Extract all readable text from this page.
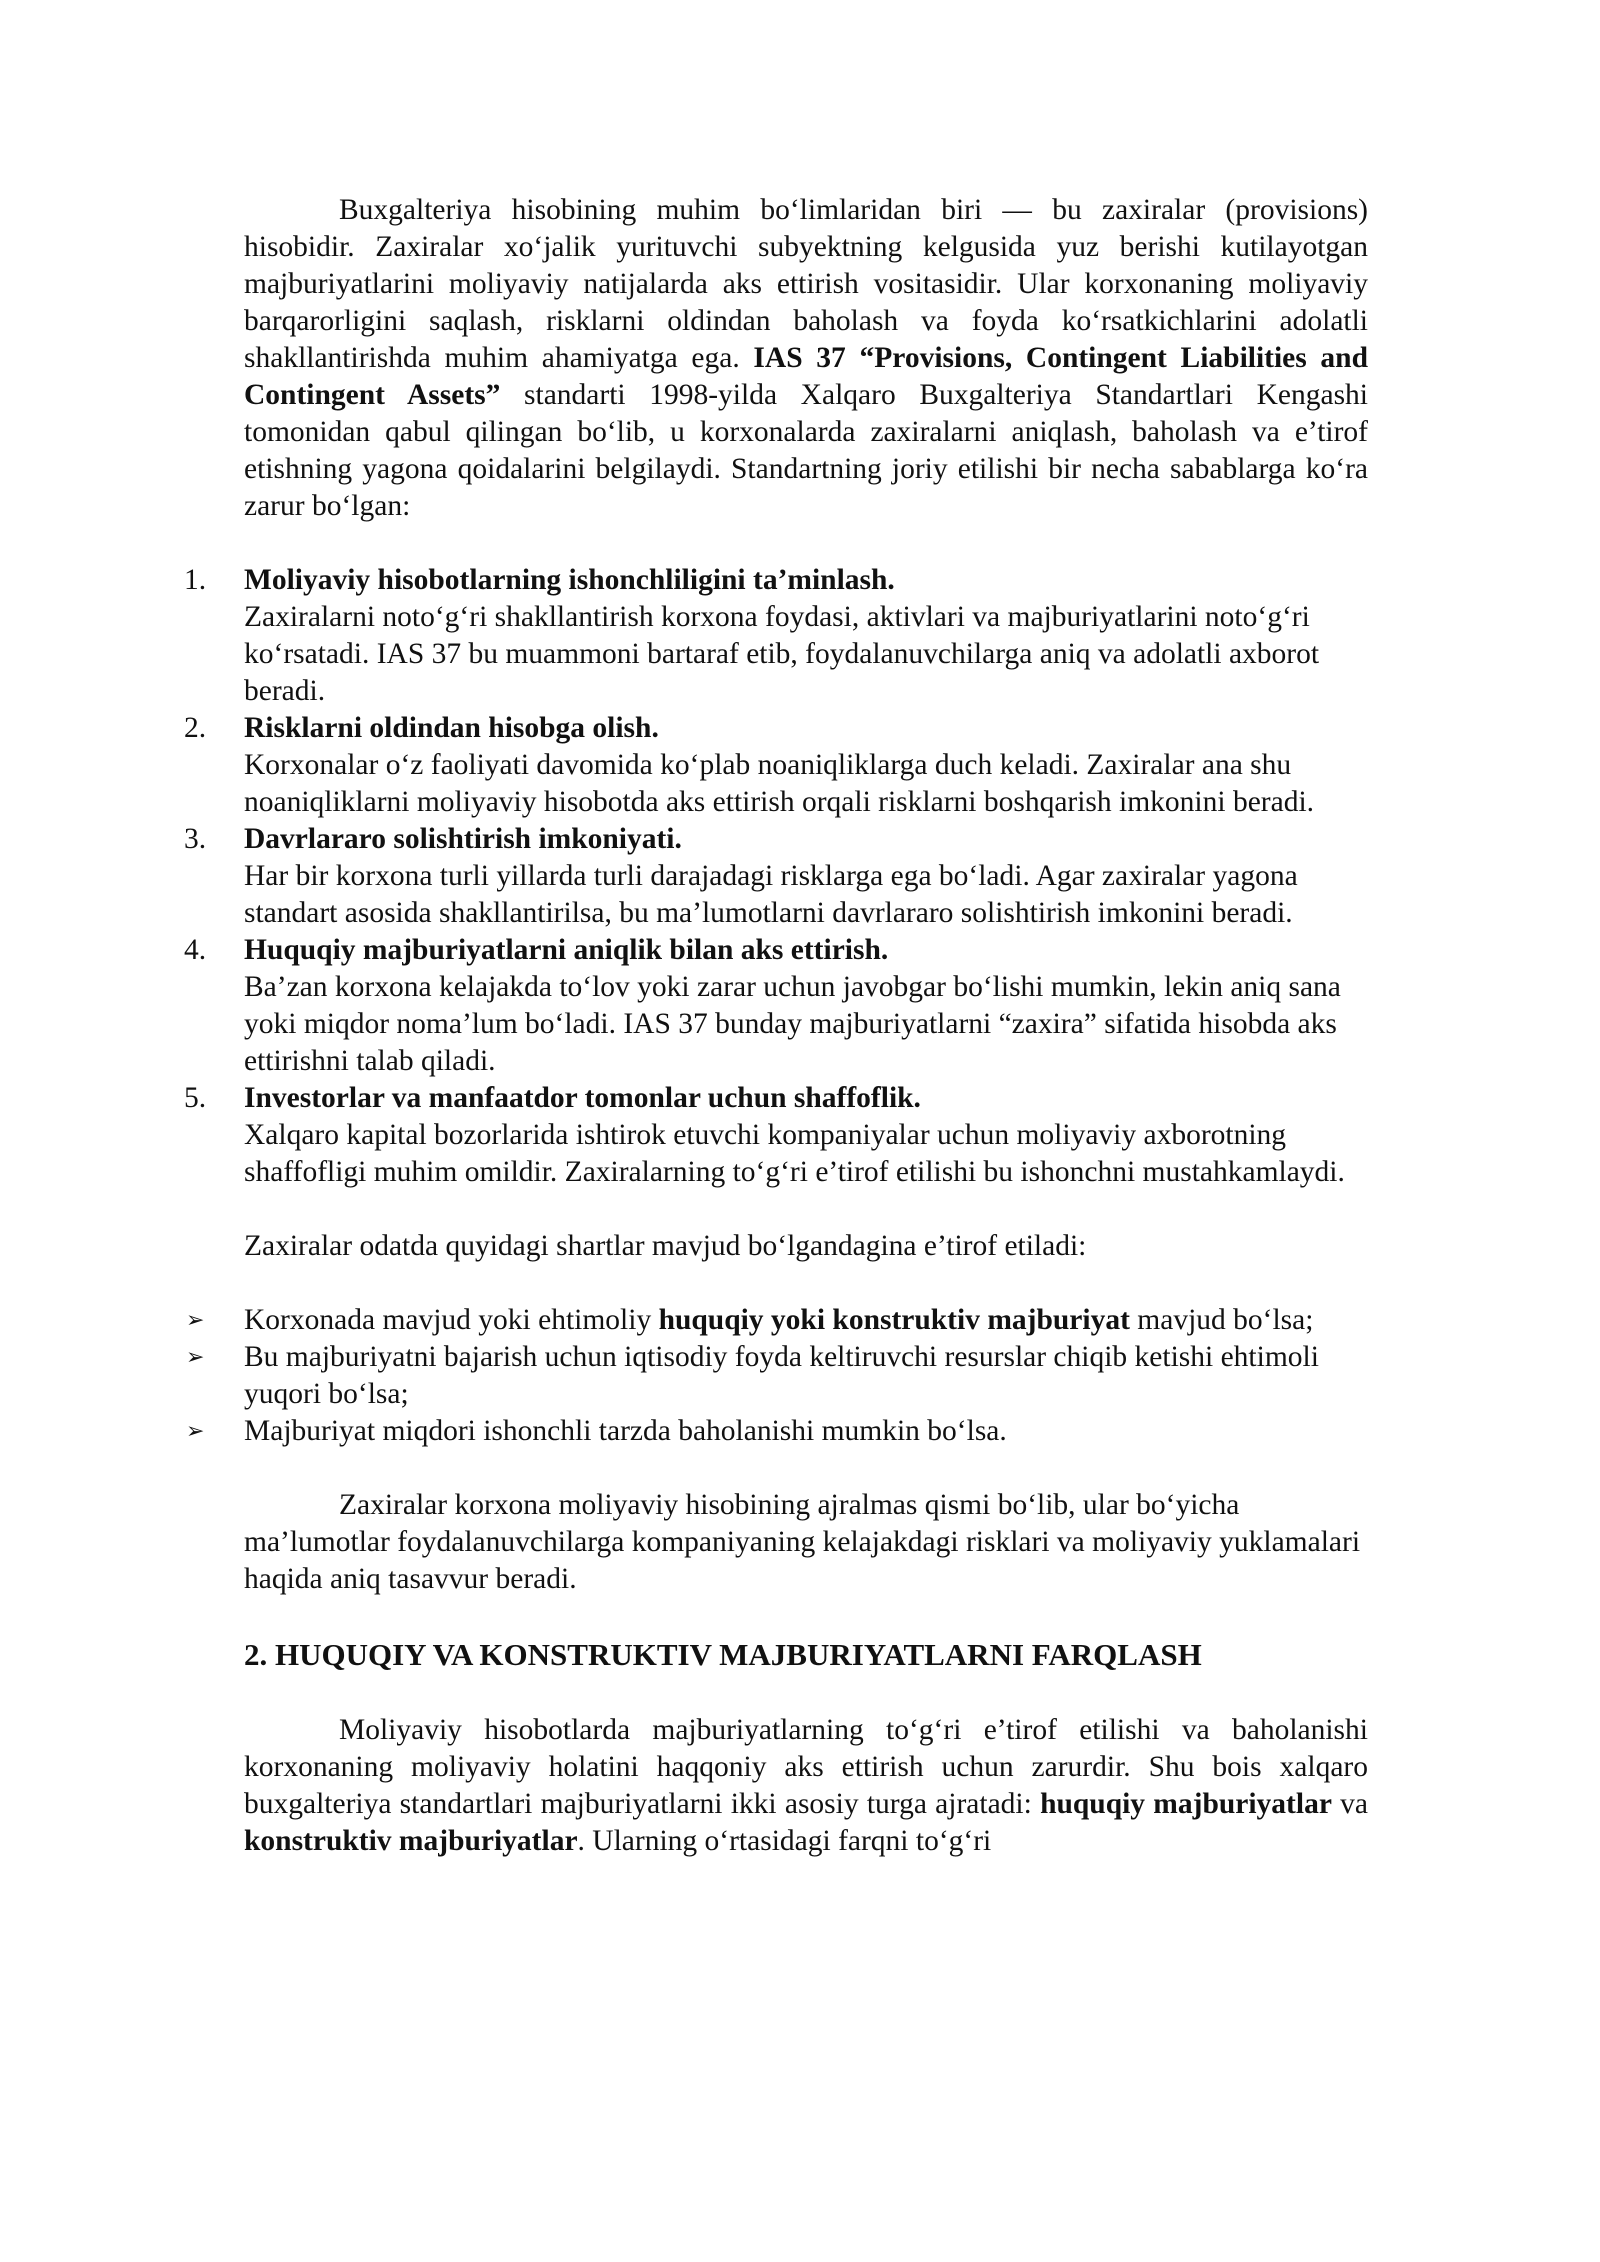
Buxgalteriya hisobining muhim bo‘limlaridan biri — bu zaxiralar (provisions) hisobidir. Zaxiralar xo‘jalik yurituvchi subyektning kelgusida yuz berishi kutilayotgan majburiyatlarini moliyaviy natijalarda aks ettirish vositasidir. Ular korxonaning moliyaviy barqarorligini saqlash, risklarni oldindan baholash va foyda ko‘rsatkichlarini adolatli shakllantirishda muhim ahamiyatga ega. IAS 37 “Provisions, Contingent Liabilities and Contingent Assets” standarti 1998-yilda Xalqaro Buxgalteriya Standartlari Kengashi tomonidan qabul qilingan bo‘lib, u korxonalarda zaxiralarni aniqlash, baholash va e’tirof etishning yagona qoidalarini belgilaydi. Standartning joriy etilishi bir necha sabablarga ko‘ra zarur bo‘lgan:

1.	Moliyaviy hisobotlarning ishonchliligini ta’minlash.
Zaxiralarni noto‘g‘ri shakllantirish korxona foydasi, aktivlari va majburiyatlarini noto‘g‘ri ko‘rsatadi. IAS 37 bu muammoni bartaraf etib, foydalanuvchilarga aniq va adolatli axborot beradi.
2.	Risklarni oldindan hisobga olish.
Korxonalar o‘z faoliyati davomida ko‘plab noaniqliklarga duch keladi. Zaxiralar ana shu noaniqliklarni moliyaviy hisobotda aks ettirish orqali risklarni boshqarish imkonini beradi.
3.	Davrlararo solishtirish imkoniyati.
Har bir korxona turli yillarda turli darajadagi risklarga ega bo‘ladi. Agar zaxiralar yagona standart asosida shakllantirilsa, bu ma’lumotlarni davrlararo solishtirish imkonini beradi.
4.	Huquqiy majburiyatlarni aniqlik bilan aks ettirish.
Ba’zan korxona kelajakda to‘lov yoki zarar uchun javobgar bo‘lishi mumkin, lekin aniq sana yoki miqdor noma’lum bo‘ladi. IAS 37 bunday majburiyatlarni “zaxira” sifatida hisobda aks ettirishni talab qiladi.
5.	Investorlar va manfaatdor tomonlar uchun shaffoflik.
Xalqaro kapital bozorlarida ishtirok etuvchi kompaniyalar uchun moliyaviy axborotning shaffofligi muhim omildir. Zaxiralarning to‘g‘ri e’tirof etilishi bu ishonchni mustahkamlaydi.

Zaxiralar odatda quyidagi shartlar mavjud bo‘lgandagina e’tirof etiladi:

➢	Korxonada mavjud yoki ehtimoliy huquqiy yoki konstruktiv majburiyat mavjud bo‘lsa;
➢	Bu majburiyatni bajarish uchun iqtisodiy foyda keltiruvchi resurslar chiqib ketishi ehtimoli yuqori bo‘lsa;
➢	Majburiyat miqdori ishonchli tarzda baholanishi mumkin bo‘lsa.

Zaxiralar korxona moliyaviy hisobining ajralmas qismi bo‘lib, ular bo‘yicha ma’lumotlar foydalanuvchilarga kompaniyaning kelajakdagi risklari va moliyaviy yuklamalari haqida aniq tasavvur beradi.

2. HUQUQIY VA KONSTRUKTIV MAJBURIYATLARNI FARQLASH

Moliyaviy hisobotlarda majburiyatlarning to‘g‘ri e’tirof etilishi va baholanishi korxonaning moliyaviy holatini haqqoniy aks ettirish uchun zarurdir. Shu bois xalqaro buxgalteriya standartlari majburiyatlarni ikki asosiy turga ajratadi: huquqiy majburiyatlar va konstruktiv majburiyatlar. Ularning o‘rtasidagi farqni to‘g‘ri
